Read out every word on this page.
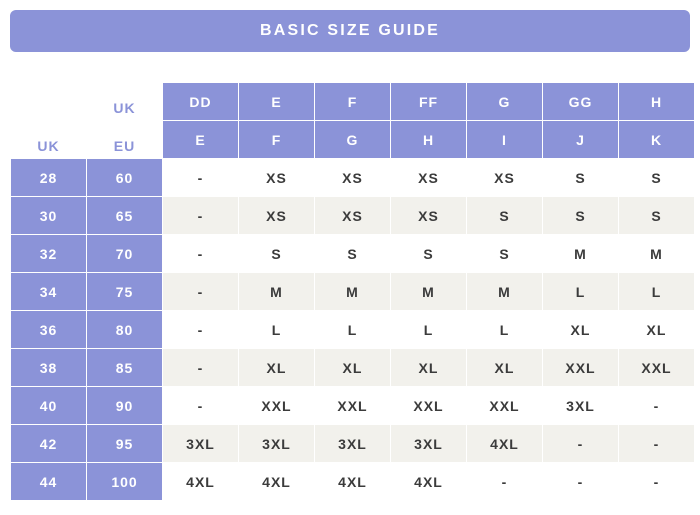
BASIC SIZE GUIDE
	UK	DD	E	F	FF	G	GG	H
UK	EU	E	F	G	H	I	J	K
28	60	-	XS	XS	XS	XS	S	S
30	65	-	XS	XS	XS	S	S	S
32	70	-	S	S	S	S	M	M
34	75	-	M	M	M	M	L	L
36	80	-	L	L	L	L	XL	XL
38	85	-	XL	XL	XL	XL	XXL	XXL
40	90	-	XXL	XXL	XXL	XXL	3XL	-
42	95	3XL	3XL	3XL	3XL	4XL	-	-
44	100	4XL	4XL	4XL	4XL	-	-	-
